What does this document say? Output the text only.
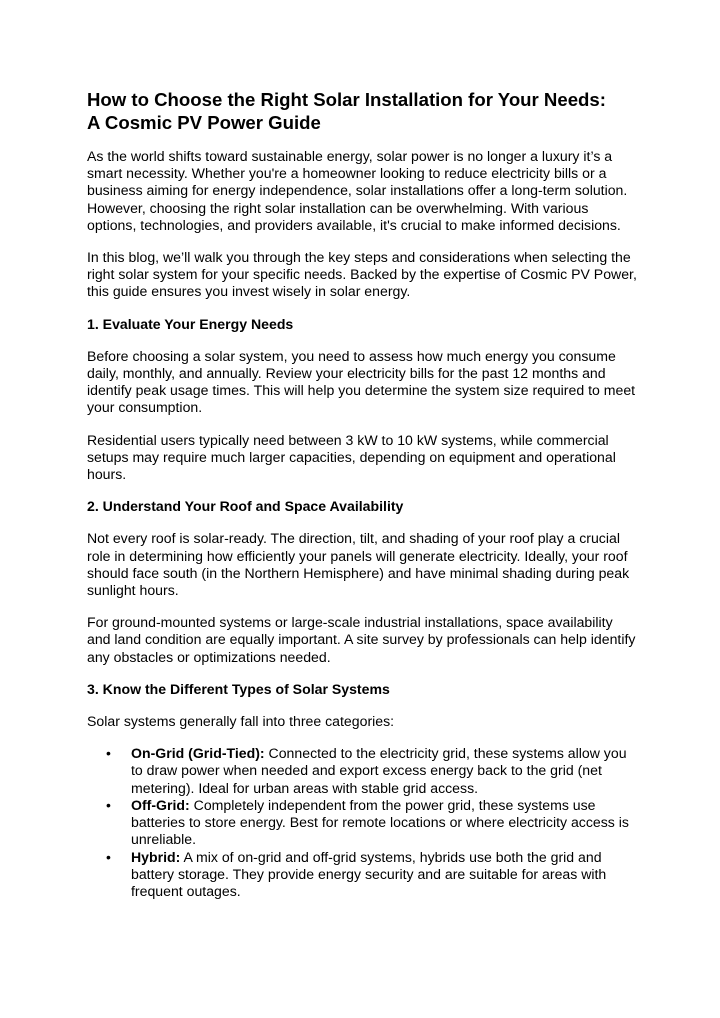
How to Choose the Right Solar Installation for Your Needs:
A Cosmic PV Power Guide

As the world shifts toward sustainable energy, solar power is no longer a luxury it’s a smart necessity. Whether you're a homeowner looking to reduce electricity bills or a business aiming for energy independence, solar installations offer a long-term solution. However, choosing the right solar installation can be overwhelming. With various options, technologies, and providers available, it's crucial to make informed decisions.

In this blog, we’ll walk you through the key steps and considerations when selecting the right solar system for your specific needs. Backed by the expertise of Cosmic PV Power, this guide ensures you invest wisely in solar energy.

1. Evaluate Your Energy Needs

Before choosing a solar system, you need to assess how much energy you consume daily, monthly, and annually. Review your electricity bills for the past 12 months and identify peak usage times. This will help you determine the system size required to meet your consumption.

Residential users typically need between 3 kW to 10 kW systems, while commercial setups may require much larger capacities, depending on equipment and operational hours.

2. Understand Your Roof and Space Availability

Not every roof is solar-ready. The direction, tilt, and shading of your roof play a crucial role in determining how efficiently your panels will generate electricity. Ideally, your roof should face south (in the Northern Hemisphere) and have minimal shading during peak sunlight hours.

For ground-mounted systems or large-scale industrial installations, space availability and land condition are equally important. A site survey by professionals can help identify any obstacles or optimizations needed.

3. Know the Different Types of Solar Systems

Solar systems generally fall into three categories:

• On-Grid (Grid-Tied): Connected to the electricity grid, these systems allow you to draw power when needed and export excess energy back to the grid (net metering). Ideal for urban areas with stable grid access.
• Off-Grid: Completely independent from the power grid, these systems use batteries to store energy. Best for remote locations or where electricity access is unreliable.
• Hybrid: A mix of on-grid and off-grid systems, hybrids use both the grid and battery storage. They provide energy security and are suitable for areas with frequent outages.
